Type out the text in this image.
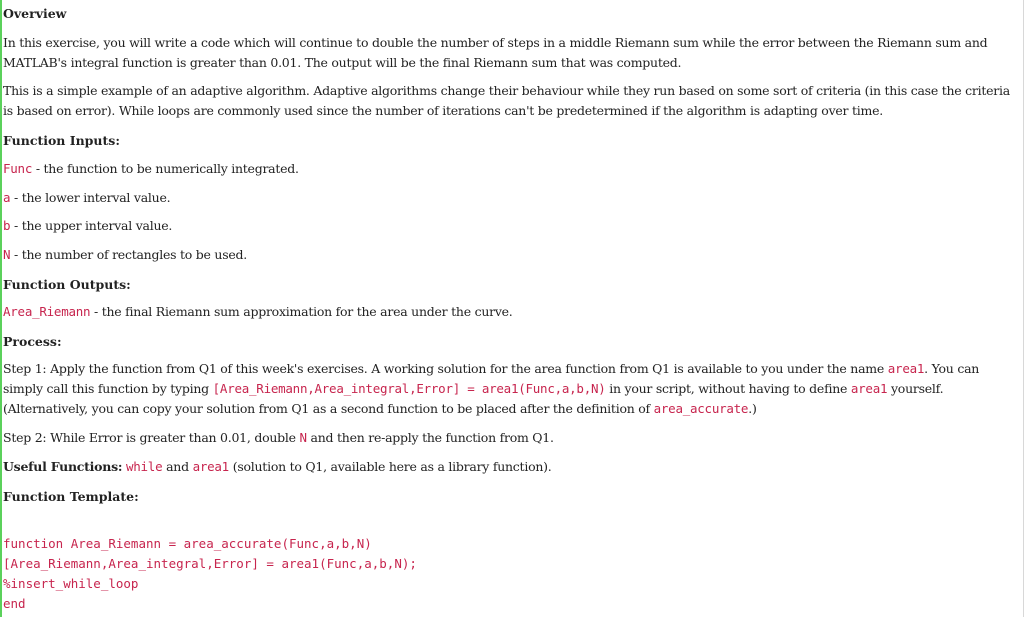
Overview

In this exercise, you will write a code which will continue to double the number of steps in a middle Riemann sum while the error between the Riemann sum and MATLAB's integral function is greater than 0.01. The output will be the final Riemann sum that was computed.

This is a simple example of an adaptive algorithm. Adaptive algorithms change their behaviour while they run based on some sort of criteria (in this case the criteria is based on error). While loops are commonly used since the number of iterations can't be predetermined if the algorithm is adapting over time.

Function Inputs:

Func - the function to be numerically integrated.

a - the lower interval value.

b - the upper interval value.

N - the number of rectangles to be used.

Function Outputs:

Area_Riemann - the final Riemann sum approximation for the area under the curve.

Process:

Step 1: Apply the function from Q1 of this week's exercises. A working solution for the area function from Q1 is available to you under the name area1. You can simply call this function by typing [Area_Riemann,Area_integral,Error] = area1(Func,a,b,N) in your script, without having to define area1 yourself. (Alternatively, you can copy your solution from Q1 as a second function to be placed after the definition of area_accurate.)

Step 2: While Error is greater than 0.01, double N and then re-apply the function from Q1.

Useful Functions: while and area1 (solution to Q1, available here as a library function).

Function Template:

function Area_Riemann = area_accurate(Func,a,b,N)
[Area_Riemann,Area_integral,Error] = area1(Func,a,b,N);
%insert_while_loop
end
